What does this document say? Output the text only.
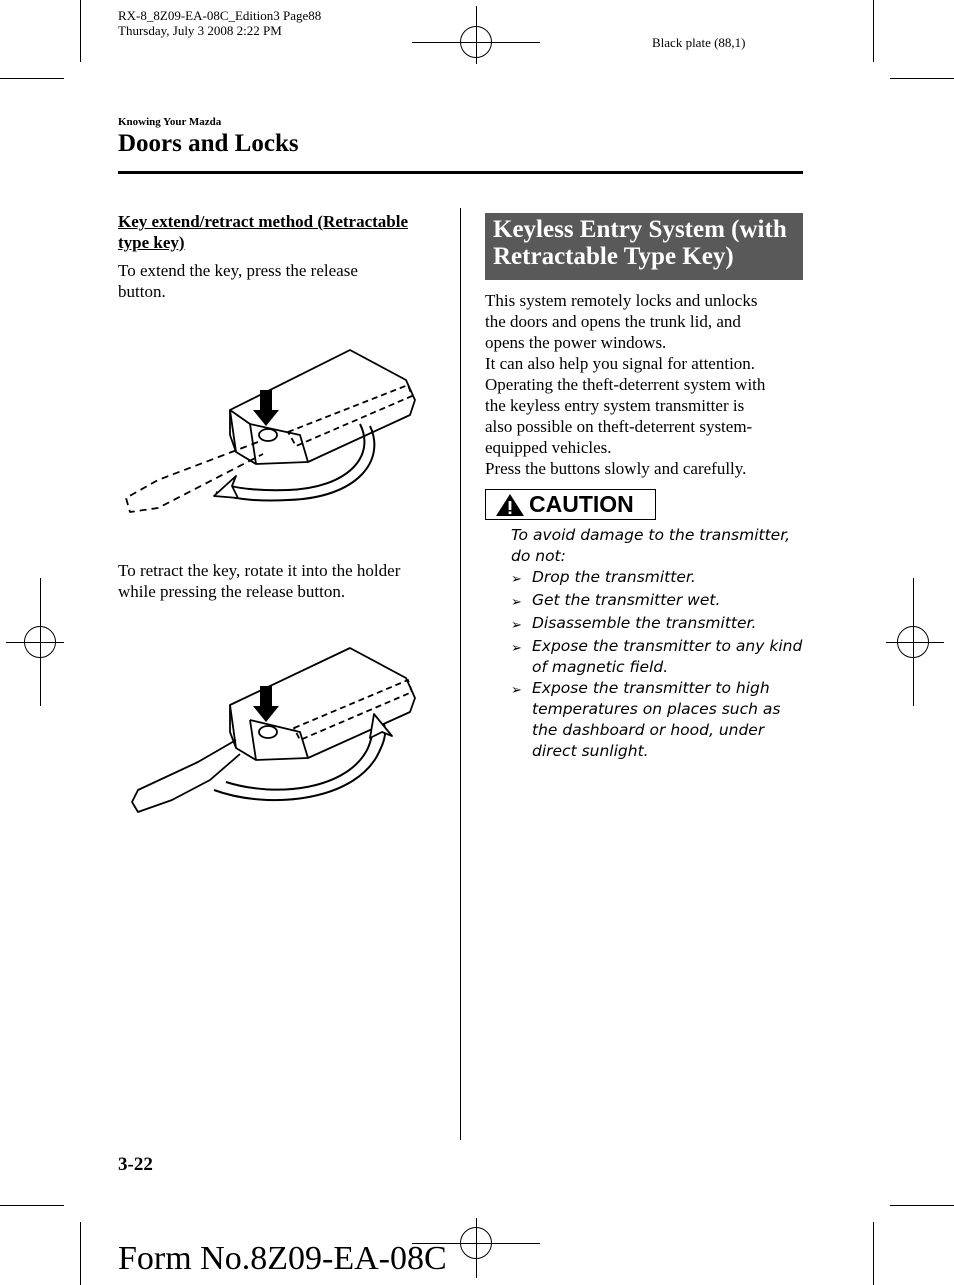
RX-8_8Z09-EA-08C_Edition3 Page88
Thursday, July 3 2008 2:22 PM
Black plate (88,1)
Knowing Your Mazda
Doors and Locks
Key extend/retract method (Retractable
type key)
To extend the key, press the release
button.
To retract the key, rotate it into the holder
while pressing the release button.
Keyless Entry System (with
Retractable Type Key)
This system remotely locks and unlocks
the doors and opens the trunk lid, and
opens the power windows.
It can also help you signal for attention.
Operating the theft-deterrent system with
the keyless entry system transmitter is
also possible on theft-deterrent system-
equipped vehicles.
Press the buttons slowly and carefully.
CAUTION
To avoid damage to the transmitter,
do not:
➢ Drop the transmitter.
➢ Get the transmitter wet.
➢ Disassemble the transmitter.
➢ Expose the transmitter to any kind
of magnetic field.
➢ Expose the transmitter to high
temperatures on places such as
the dashboard or hood, under
direct sunlight.
3-22
Form No.8Z09-EA-08C
